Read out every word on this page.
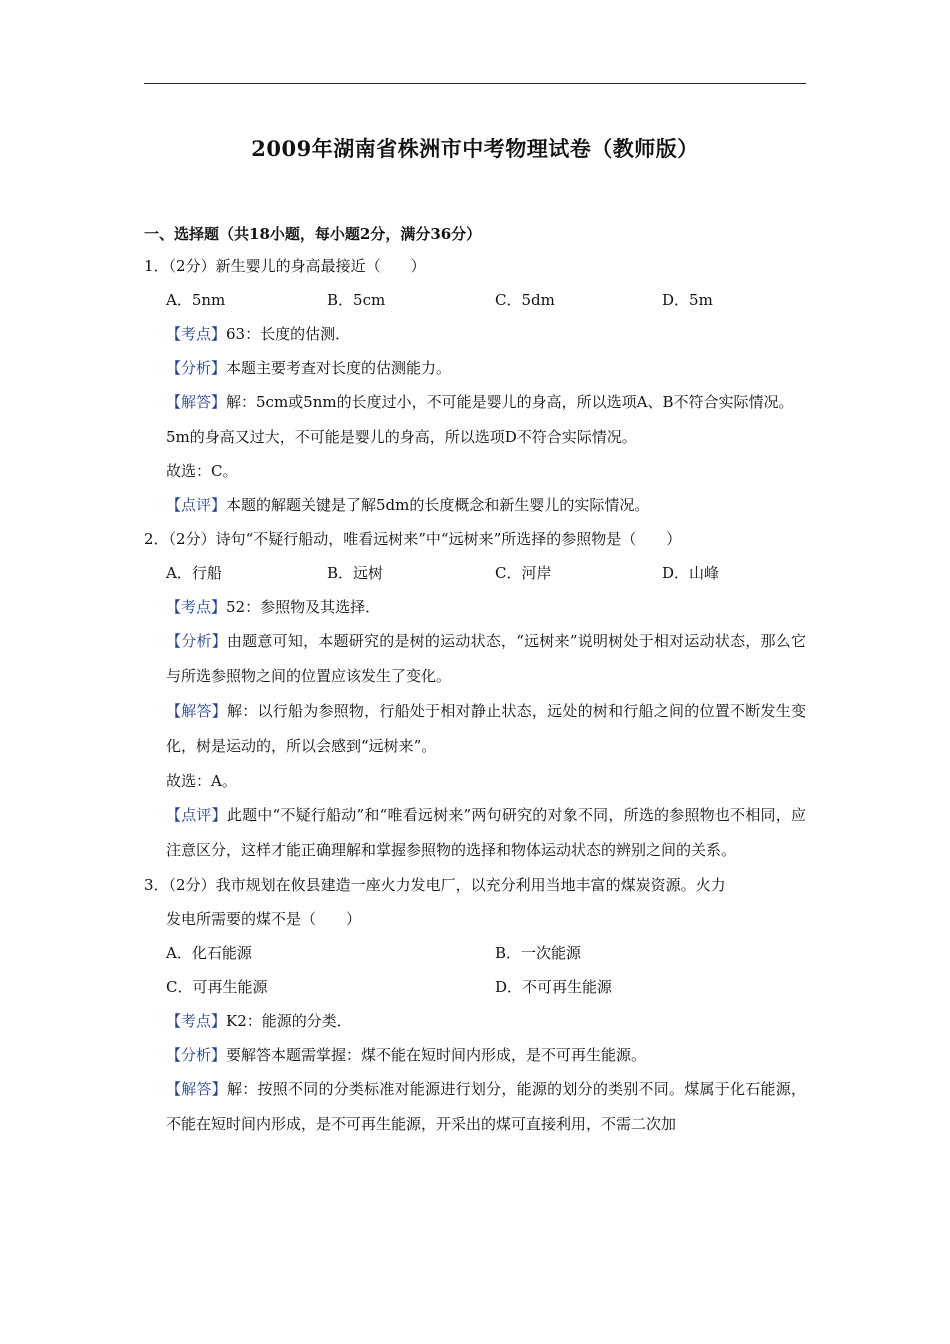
2009年湖南省株洲市中考物理试卷（教师版）
一、选择题（共18小题，每小题2分，满分36分）
1．（2分）新生婴儿的身高最接近（　　）
A．5nm	B．5cm	C．5dm	D．5m
【考点】63：长度的估测．
【分析】本题主要考查对长度的估测能力。
【解答】解：5cm或5nm的长度过小，不可能是婴儿的身高，所以选项A、B不符合实际情况。
5m的身高又过大，不可能是婴儿的身高，所以选项D不符合实际情况。
故选：C。
【点评】本题的解题关键是了解5dm的长度概念和新生婴儿的实际情况。
2．（2分）诗句“不疑行船动，唯看远树来”中“远树来”所选择的参照物是（　　）
A．行船	B．远树	C．河岸	D．山峰
【考点】52：参照物及其选择．
【分析】由题意可知，本题研究的是树的运动状态，“远树来”说明树处于相对运动状态，那么它与所选参照物之间的位置应该发生了变化。
【解答】解：以行船为参照物，行船处于相对静止状态，远处的树和行船之间的位置不断发生变化，树是运动的，所以会感到“远树来”。
故选：A。
【点评】此题中“不疑行船动”和“唯看远树来”两句研究的对象不同，所选的参照物也不相同，应注意区分，这样才能正确理解和掌握参照物的选择和物体运动状态的辨别之间的关系。
3．（2分）我市规划在攸县建造一座火力发电厂，以充分利用当地丰富的煤炭资源。火力
发电所需要的煤不是（　　）
A．化石能源	B．一次能源
C．可再生能源	D．不可再生能源
【考点】K2：能源的分类．
【分析】要解答本题需掌握：煤不能在短时间内形成，是不可再生能源。
【解答】解：按照不同的分类标准对能源进行划分，能源的划分的类别不同。煤属于化石能源，不能在短时间内形成，是不可再生能源，开采出的煤可直接利用，不需二次加
